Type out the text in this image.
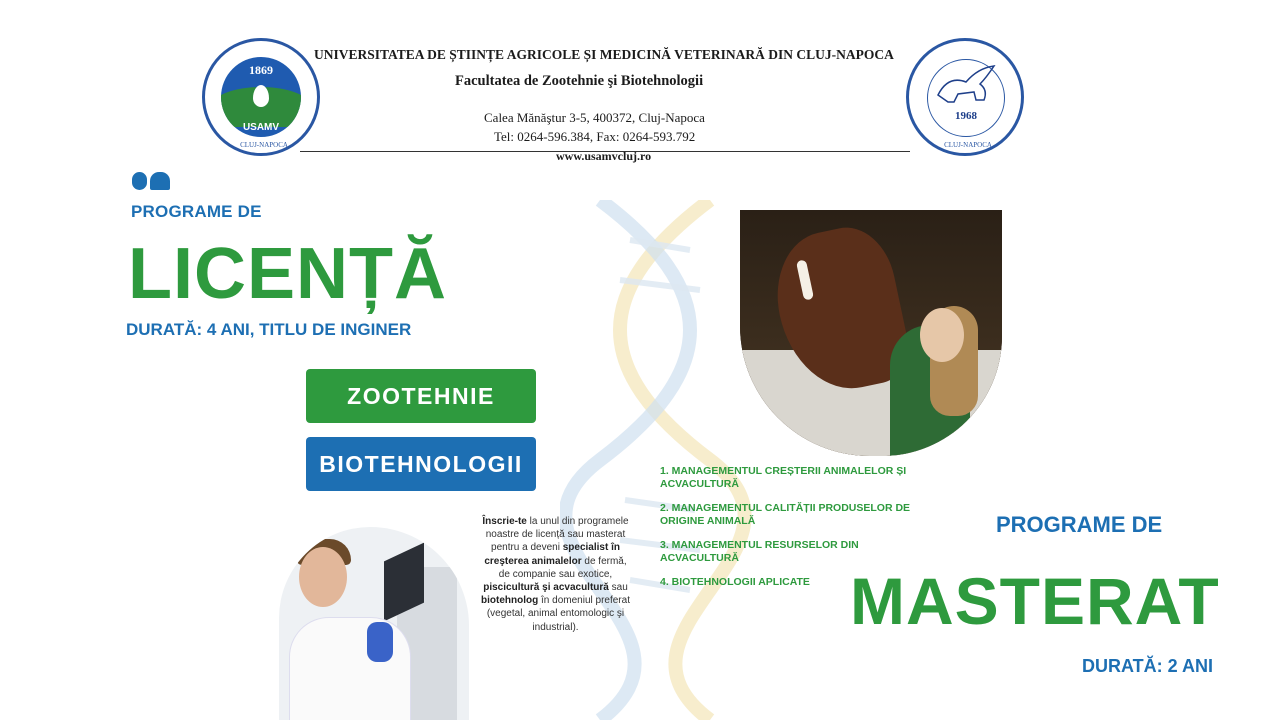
1869
USAMV
CLUJ-NAPOCA
UNIVERSITATEA DE ȘTIINȚE AGRICOLE ȘI MEDICINĂ VETERINARĂ DIN CLUJ-NAPOCA
Facultatea de Zootehnie şi Biotehnologii
Calea Mănăştur 3-5, 400372, Cluj-Napoca
Tel: 0264-596.384, Fax: 0264-593.792
www.usamvcluj.ro
1968
CLUJ-NAPOCA
PROGRAME DE
LICENȚĂ
DURATĂ: 4 ANI, TITLU DE INGINER
ZOOTEHNIE
BIOTEHNOLOGII
Înscrie-te la unul din programele noastre de licență sau masterat pentru a deveni specialist în creşterea animalelor de fermă, de companie sau exotice, piscicultură şi acvacultură sau biotehnolog în domeniul preferat (vegetal, animal entomologic şi industrial).
1. MANAGEMENTUL CREȘTERII ANIMALELOR ȘI ACVACULTURĂ
2. MANAGEMENTUL CALITĂȚII PRODUSELOR DE ORIGINE ANIMALĂ
3. MANAGEMENTUL RESURSELOR DIN ACVACULTURĂ
4. BIOTEHNOLOGII APLICATE
PROGRAME DE
MASTERAT
DURATĂ: 2 ANI
